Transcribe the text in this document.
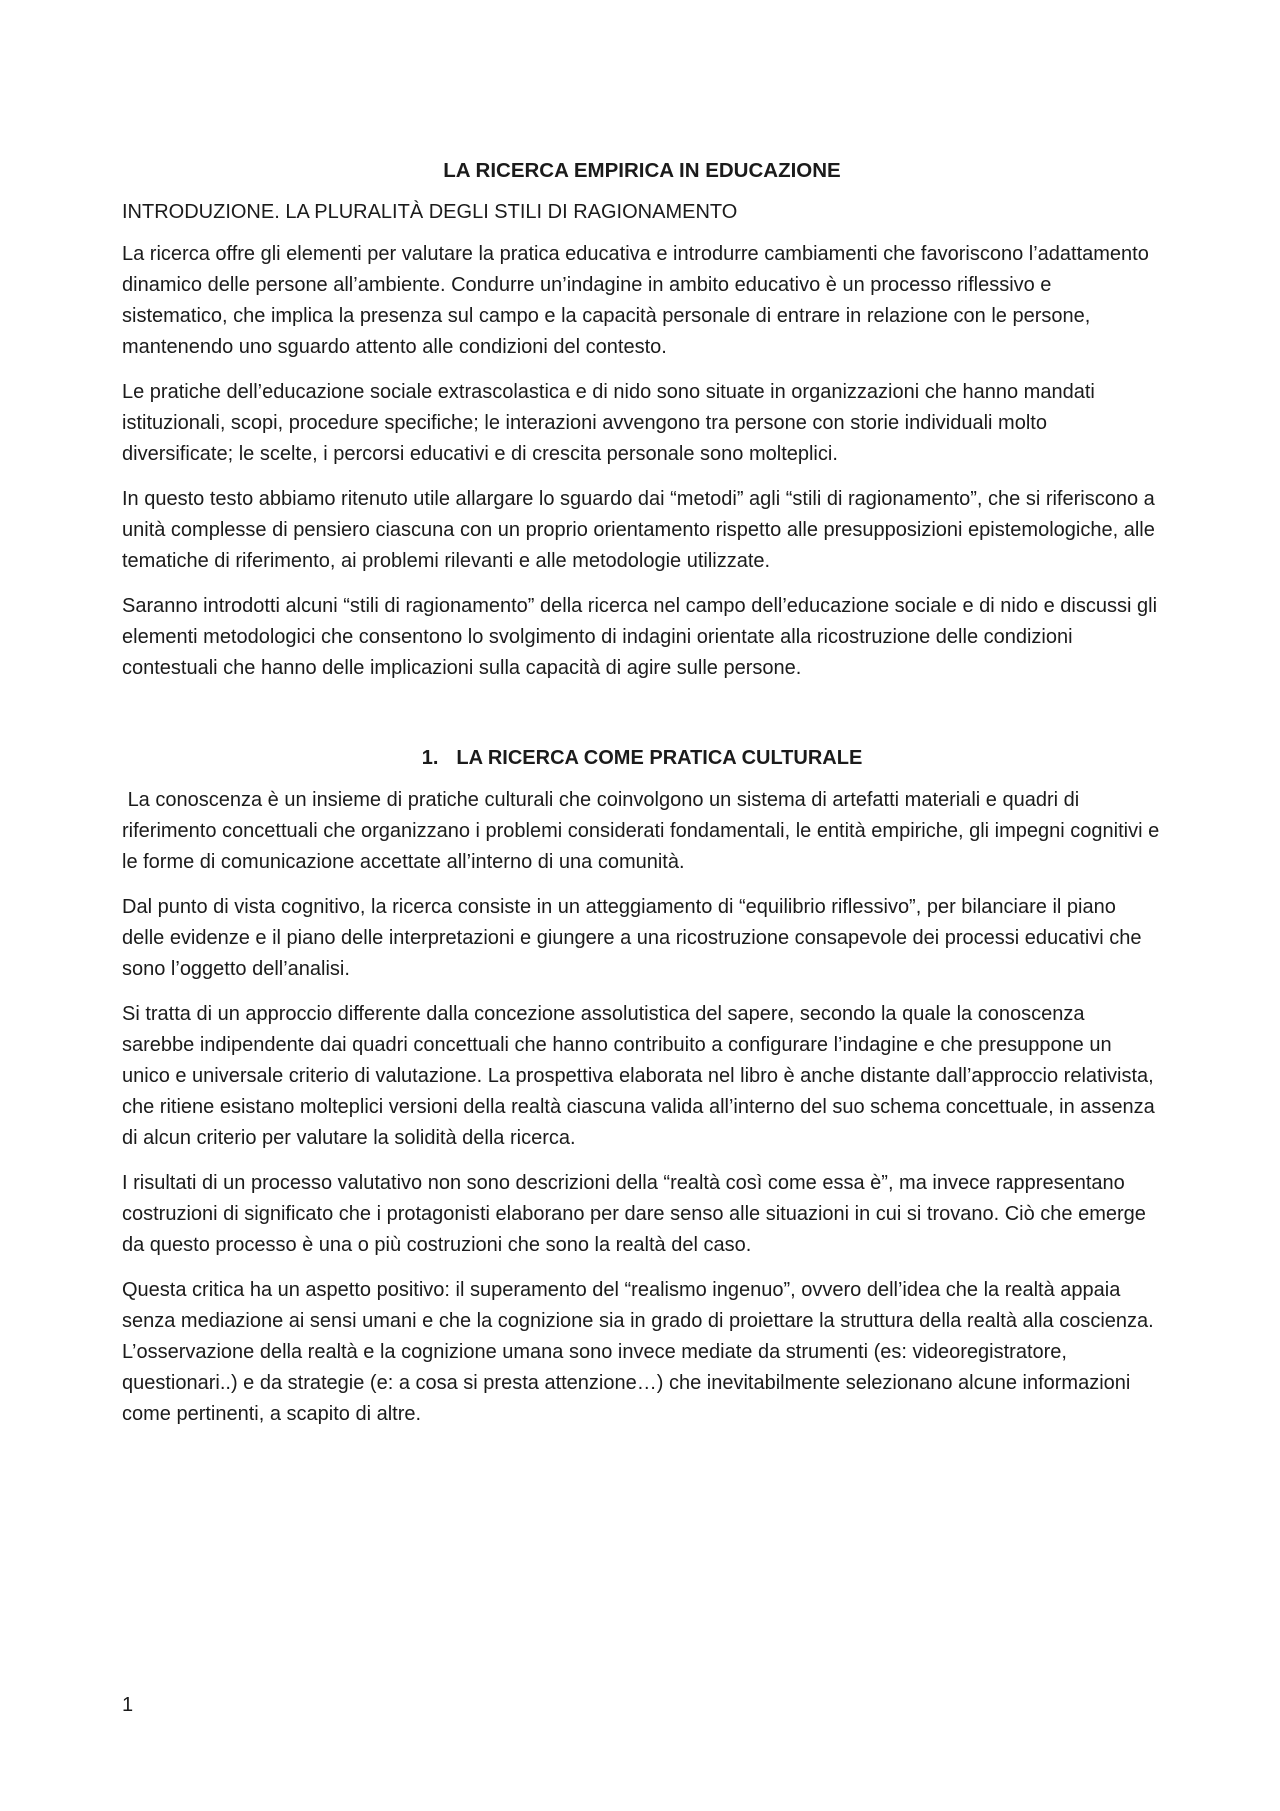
LA RICERCA EMPIRICA IN EDUCAZIONE
INTRODUZIONE. LA PLURALITÀ DEGLI STILI DI RAGIONAMENTO

La ricerca offre gli elementi per valutare la pratica educativa e introdurre cambiamenti che favoriscono l’adattamento dinamico delle persone all’ambiente. Condurre un’indagine in ambito educativo è un processo riflessivo e sistematico, che implica la presenza sul campo e la capacità personale di entrare in relazione con le persone, mantenendo uno sguardo attento alle condizioni del contesto.

Le pratiche dell’educazione sociale extrascolastica e di nido sono situate in organizzazioni che hanno mandati istituzionali, scopi, procedure specifiche; le interazioni avvengono tra persone con storie individuali molto diversificate; le scelte, i percorsi educativi e di crescita personale sono molteplici.

In questo testo abbiamo ritenuto utile allargare lo sguardo dai “metodi” agli “stili di ragionamento”, che si riferiscono a unità complesse di pensiero ciascuna con un proprio orientamento rispetto alle presupposizioni epistemologiche, alle tematiche di riferimento, ai problemi rilevanti e alle metodologie utilizzate.

Saranno introdotti alcuni “stili di ragionamento” della ricerca nel campo dell’educazione sociale e di nido e discussi gli elementi metodologici che consentono lo svolgimento di indagini orientate alla ricostruzione delle condizioni contestuali che hanno delle implicazioni sulla capacità di agire sulle persone.

1. LA RICERCA COME PRATICA CULTURALE

La conoscenza è un insieme di pratiche culturali che coinvolgono un sistema di artefatti materiali e quadri di riferimento concettuali che organizzano i problemi considerati fondamentali, le entità empiriche, gli impegni cognitivi e le forme di comunicazione accettate all’interno di una comunità.

Dal punto di vista cognitivo, la ricerca consiste in un atteggiamento di “equilibrio riflessivo”, per bilanciare il piano delle evidenze e il piano delle interpretazioni e giungere a una ricostruzione consapevole dei processi educativi che sono l’oggetto dell’analisi.

Si tratta di un approccio differente dalla concezione assolutistica del sapere, secondo la quale la conoscenza sarebbe indipendente dai quadri concettuali che hanno contribuito a configurare l’indagine e che presuppone un unico e universale criterio di valutazione. La prospettiva elaborata nel libro è anche distante dall’approccio relativista, che ritiene esistano molteplici versioni della realtà ciascuna valida all’interno del suo schema concettuale, in assenza di alcun criterio per valutare la solidità della ricerca.

I risultati di un processo valutativo non sono descrizioni della “realtà così come essa è”, ma invece rappresentano costruzioni di significato che i protagonisti elaborano per dare senso alle situazioni in cui si trovano. Ciò che emerge da questo processo è una o più costruzioni che sono la realtà del caso.

Questa critica ha un aspetto positivo: il superamento del “realismo ingenuo”, ovvero dell’idea che la realtà appaia senza mediazione ai sensi umani e che la cognizione sia in grado di proiettare la struttura della realtà alla coscienza. L’osservazione della realtà e la cognizione umana sono invece mediate da strumenti (es: videoregistratore, questionari..) e da strategie (e: a cosa si presta attenzione…) che inevitabilmente selezionano alcune informazioni come pertinenti, a scapito di altre.

1
